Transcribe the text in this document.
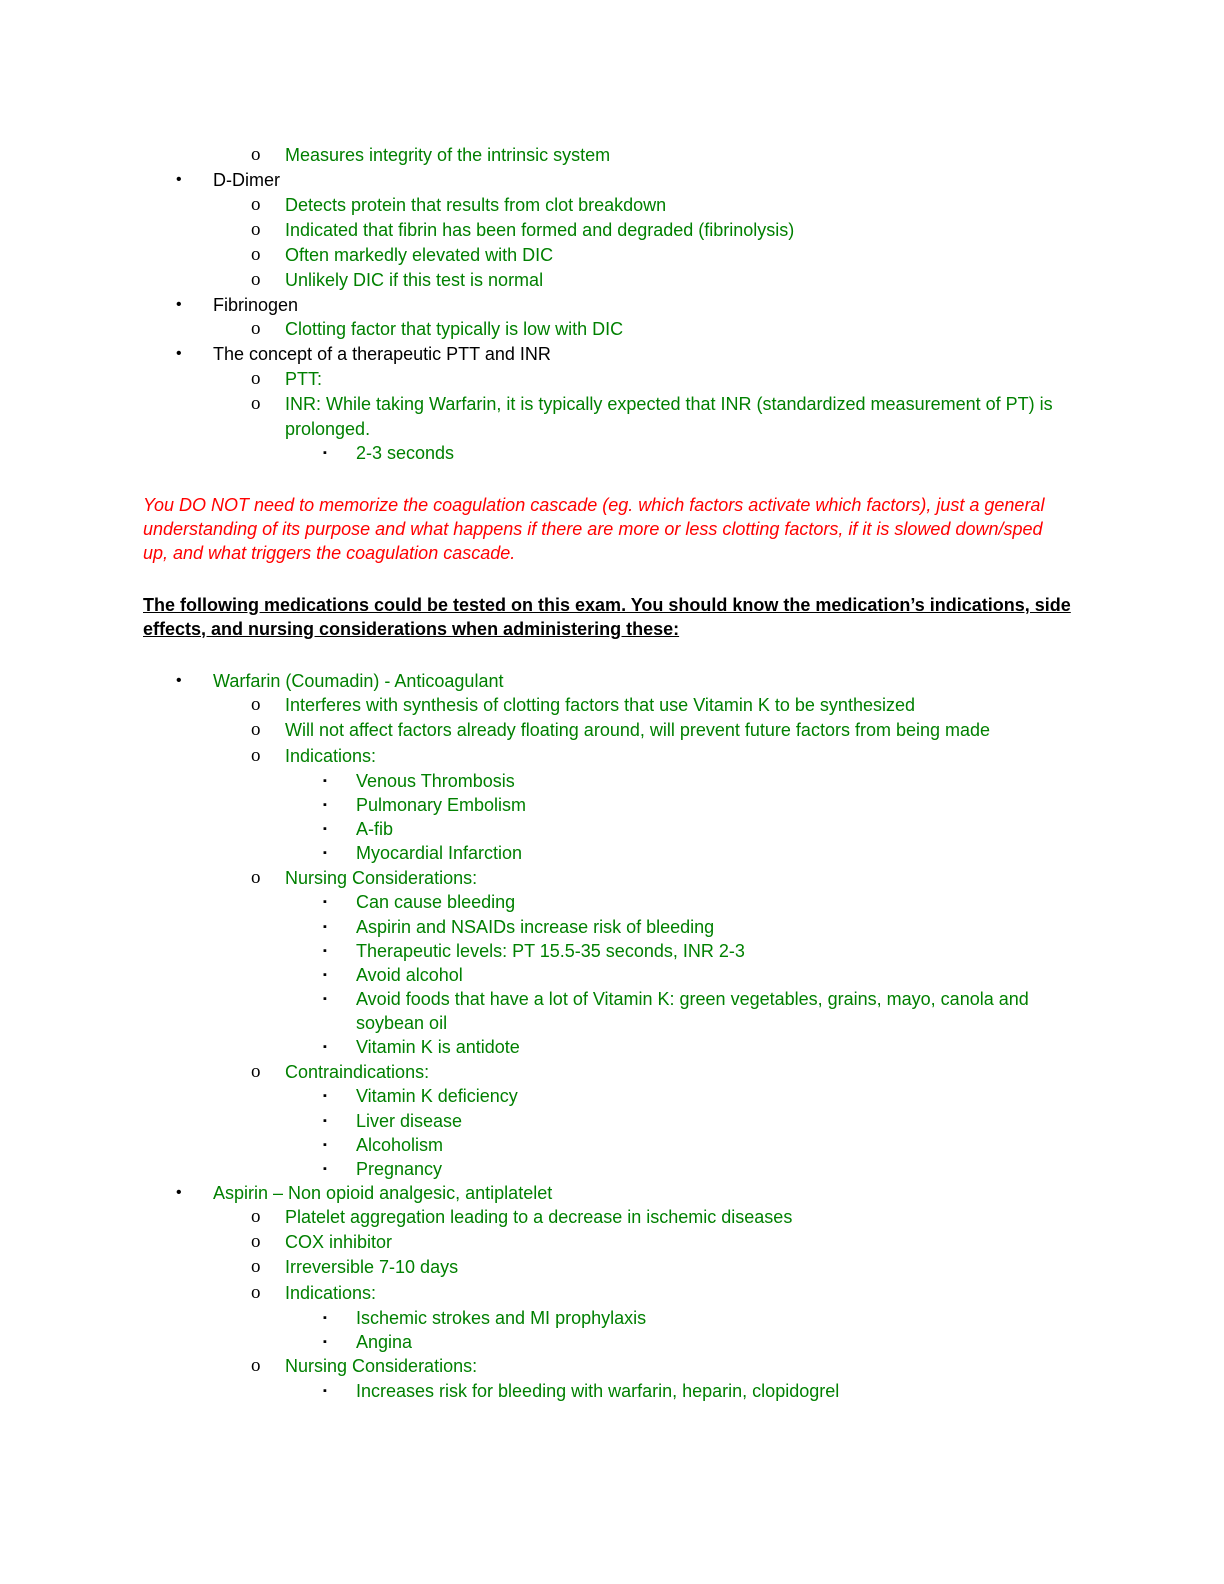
o Measures integrity of the intrinsic system
• D-Dimer
o Detects protein that results from clot breakdown
o Indicated that fibrin has been formed and degraded (fibrinolysis)
o Often markedly elevated with DIC
o Unlikely DIC if this test is normal
• Fibrinogen
o Clotting factor that typically is low with DIC
• The concept of a therapeutic PTT and INR
o PTT:
o INR: While taking Warfarin, it is typically expected that INR (standardized measurement of PT) is
prolonged.
▪ 2-3 seconds
You DO NOT need to memorize the coagulation cascade (eg. which factors activate which factors), just a general
understanding of its purpose and what happens if there are more or less clotting factors, if it is slowed down/sped
up, and what triggers the coagulation cascade.
The following medications could be tested on this exam. You should know the medication’s indications, side
effects, and nursing considerations when administering these:
• Warfarin (Coumadin) - Anticoagulant
o Interferes with synthesis of clotting factors that use Vitamin K to be synthesized
o Will not affect factors already floating around, will prevent future factors from being made
o Indications:
▪ Venous Thrombosis
▪ Pulmonary Embolism
▪ A-fib
▪ Myocardial Infarction
o Nursing Considerations:
▪ Can cause bleeding
▪ Aspirin and NSAIDs increase risk of bleeding
▪ Therapeutic levels: PT 15.5-35 seconds, INR 2-3
▪ Avoid alcohol
▪ Avoid foods that have a lot of Vitamin K: green vegetables, grains, mayo, canola and
soybean oil
▪ Vitamin K is antidote
o Contraindications:
▪ Vitamin K deficiency
▪ Liver disease
▪ Alcoholism
▪ Pregnancy
• Aspirin – Non opioid analgesic, antiplatelet
o Platelet aggregation leading to a decrease in ischemic diseases
o COX inhibitor
o Irreversible 7-10 days
o Indications:
▪ Ischemic strokes and MI prophylaxis
▪ Angina
o Nursing Considerations:
▪ Increases risk for bleeding with warfarin, heparin, clopidogrel
